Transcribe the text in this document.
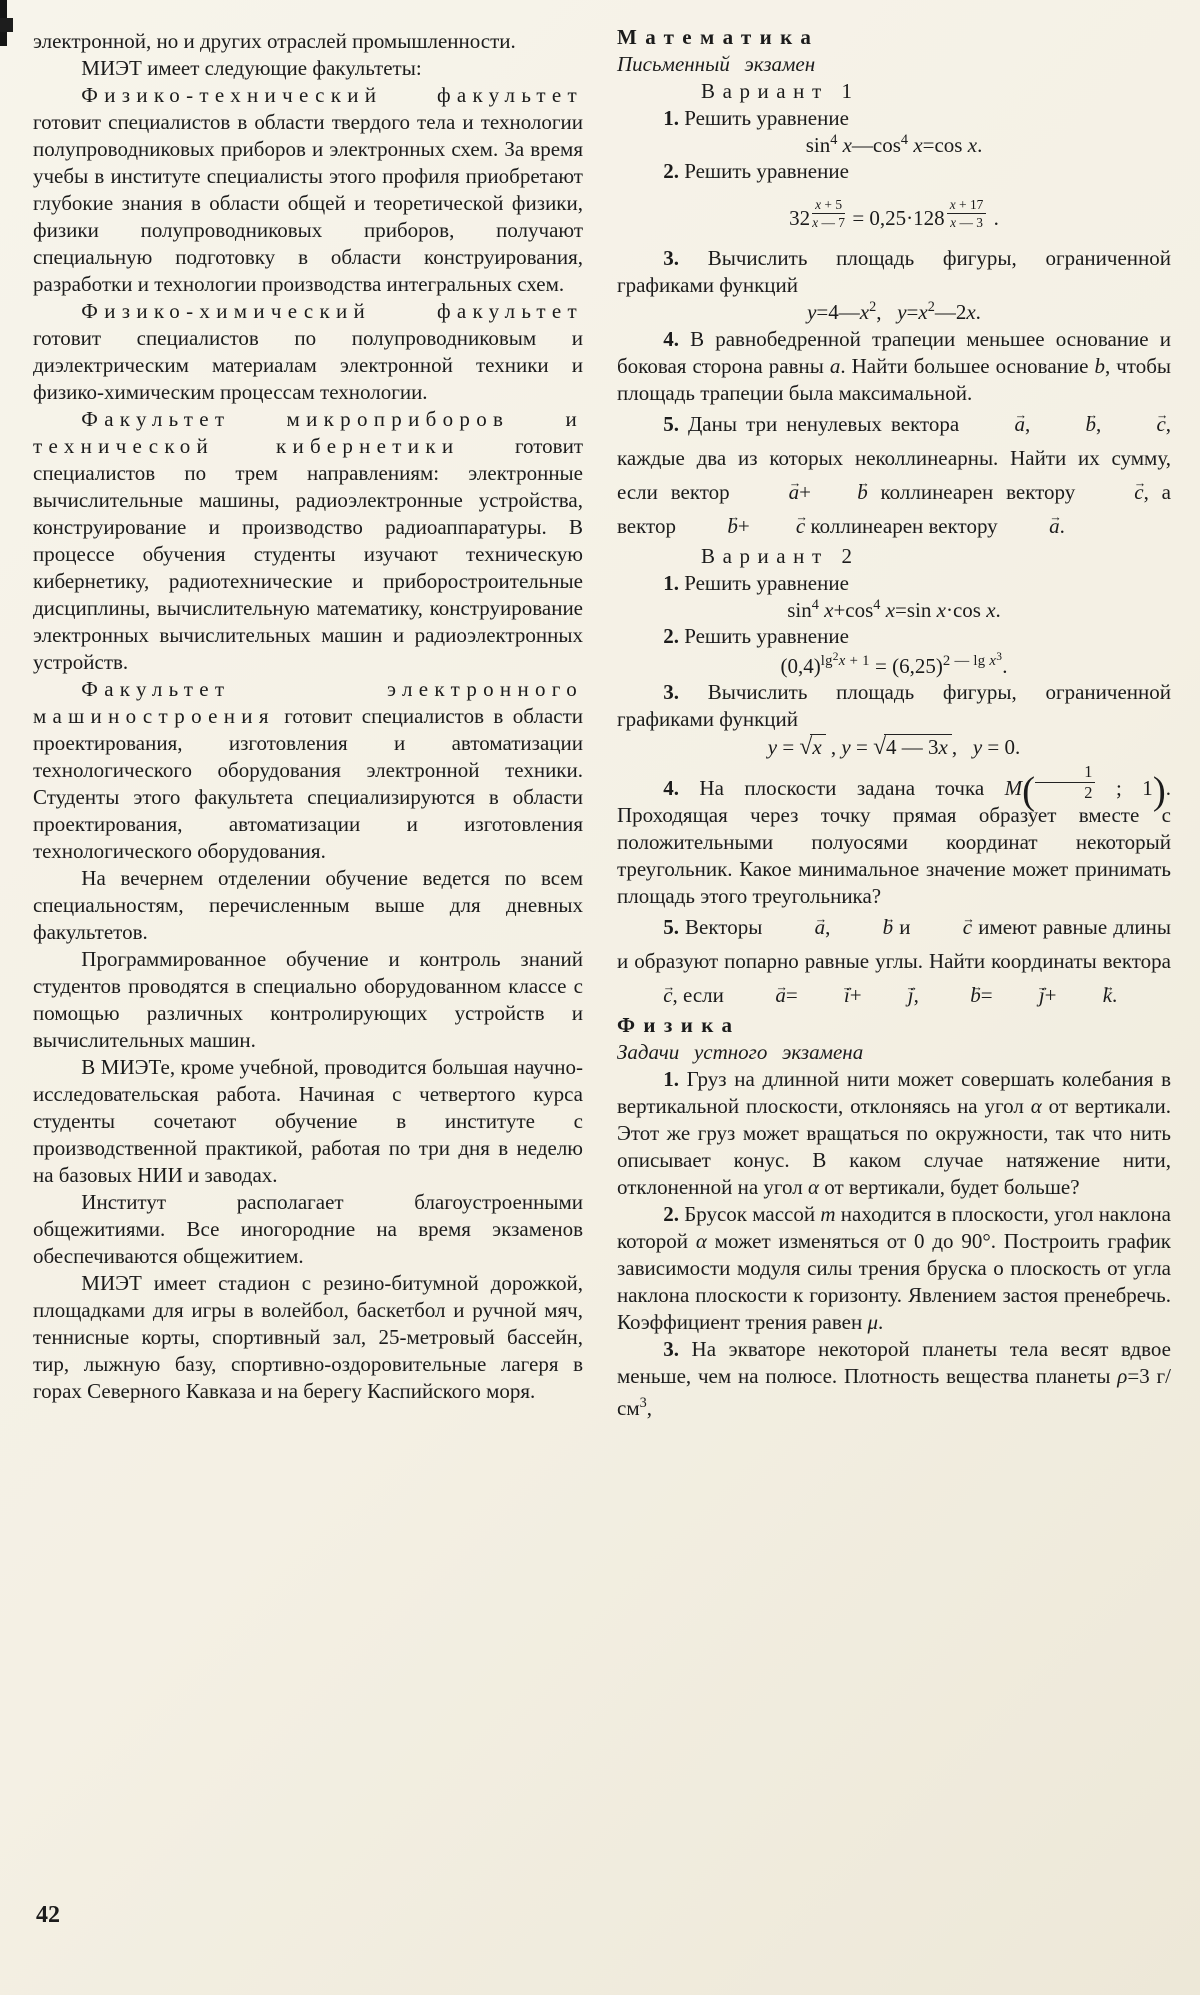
электронной, но и других отраслей промышленности.
МИЭТ имеет следующие факультеты:
Физико-технический факультет готовит специалистов в области твердого тела и технологии полупроводниковых приборов и электронных схем. За время учебы в институте специалисты этого профиля приобретают глубокие знания в области общей и теоретической физики, физики полупроводниковых приборов, получают специальную подготовку в области конструирования, разработки и технологии производства интегральных схем.
Физико-химический факультет готовит специалистов по полупроводниковым и диэлектрическим материалам электронной техники и физико-химическим процессам технологии.
Факультет микроприборов и технической кибернетики готовит специалистов по трем направлениям: электронные вычислительные машины, радиоэлектронные устройства, конструирование и производство радиоаппаратуры. В процессе обучения студенты изучают техническую кибернетику, радиотехнические и приборостроительные дисциплины, вычислительную математику, конструирование электронных вычислительных машин и радиоэлектронных устройств.
Факультет электронного машиностроения готовит специалистов в области проектирования, изготовления и автоматизации технологического оборудования электронной техники. Студенты этого факультета специализируются в области проектирования, автоматизации и изготовления технологического оборудования.
На вечернем отделении обучение ведется по всем специальностям, перечисленным выше для дневных факультетов.
Программированное обучение и контроль знаний студентов проводятся в специально оборудованном классе с помощью различных контролирующих устройств и вычислительных машин.
В МИЭТе, кроме учебной, проводится большая научно-исследовательская работа. Начиная с четвертого курса студенты сочетают обучение в институте с производственной практикой, работая по три дня в неделю на базовых НИИ и заводах.
Институт располагает благоустроенными общежитиями. Все иногородние на время экзаменов обеспечиваются общежитием.
МИЭТ имеет стадион с резино-битумной дорожкой, площадками для игры в волейбол, баскетбол и ручной мяч, теннисные корты, спортивный зал, 25-метровый бассейн, тир, лыжную базу, спортивно-оздоровительные лагеря в горах Северного Кавказа и на берегу Каспийского моря.
Математика
Письменный экзамен
Вариант 1
1. Решить уравнение
$\sin^4$ $x—\cos^4$ x=cos x.
2. Решить уравнение
$32 \frac{x + 5}{x — 7} = 0,25\cdot 128 \frac{x + 17}{x — 3}$ .
3. Вычислить площадь фигуры, ограниченной графиками функций
$y=4—x^2$,   $y=x^2—2x$.
4. В равнобедренной трапеции меньшее основание и боковая сторона равны a. Найти большее основание b, чтобы площадь трапеции была максимальной.
5. Даны три ненулевых вектора → a, → b, → c, каждые два из которых неколлинеарны. Найти их сумму, если вектор → a+ → b коллинеарен вектору → c, а вектор → b+ → c коллинеарен вектору → a.
Вариант 2
1. Решить уравнение
$\sin^4 x+\cos^4$ x=sin x·cos x.
2. Решить уравнение
$(0,4)^{lg^2x + 1} = (6,25)^{2 — lg x^3}$.
3. Вычислить площадь фигуры, ограниченной графиками функций
y = √x , y = √4 — 3x ,   y = 0.
4. На плоскости задана точка $M( \frac{1}{2}$ ; 1). Проходящая через точку прямая образует вместе с положительными полуосями координат некоторый треугольник. Какое минимальное значение может принимать площадь этого треугольника?
5. Векторы → a, → b и → c имеют равные длины и образуют попарно равные углы. Найти координаты вектора → c, если → a= → i+ → j, → b= → j+ → k.
Физика
Задачи устного экзамена
1. Груз на длинной нити может совершать колебания в вертикальной плоскости, отклоняясь на угол α от вертикали. Этот же груз может вращаться по окружности, так что нить описывает конус. В каком случае натяжение нити, отклоненной на угол α от вертикали, будет больше?
2. Брусок массой m находится в плоскости, угол наклона которой α может изменяться от 0 до 90°. Построить график зависимости модуля силы трения бруска о плоскость от угла наклона плоскости к горизонту. Явлением застоя пренебречь. Коэффициент трения равен μ.
3. На экваторе некоторой планеты тела весят вдвое меньше, чем на полюсе. Плотность вещества планеты ρ=3 $г/см^3$,
42
